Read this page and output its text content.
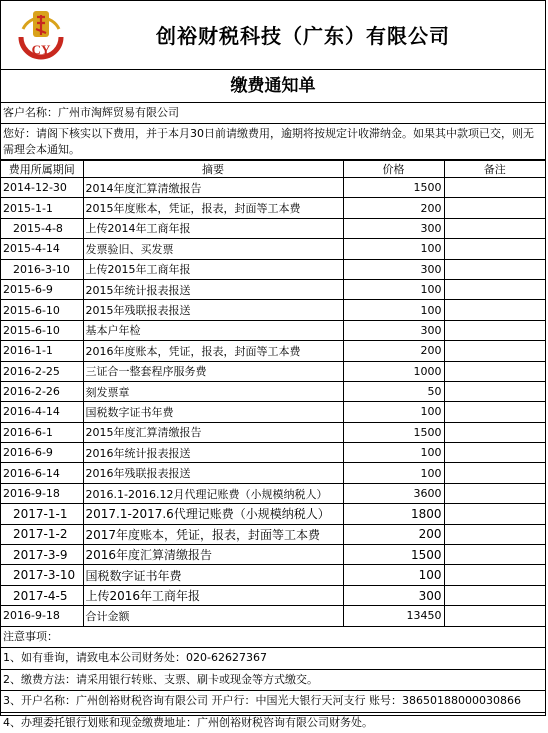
CY
创裕财税科技（广东）有限公司
缴费通知单
客户名称：广州市淘辉贸易有限公司
您好：请阁下核实以下费用，并于本月30日前请缴费用，逾期将按规定计收滞纳金。如果其中款项已交，则无需理会本通知。
费用所属期间	摘要	价格	备注
2014-12-30	2014年度汇算清缴报告	1500	
2015-1-1	2015年度账本，凭证，报表，封面等工本费	200	
2015-4-8	上传2014年工商年报	300	
2015-4-14	发票验旧、买发票	100	
2016-3-10	上传2015年工商年报	300	
2015-6-9	2015年统计报表报送	100	
2015-6-10	2015年残联报表报送	100	
2015-6-10	基本户年检	300	
2016-1-1	2016年度账本，凭证，报表，封面等工本费	200	
2016-2-25	三证合一整套程序服务费	1000	
2016-2-26	刻发票章	50	
2016-4-14	国税数字证书年费	100	
2016-6-1	2015年度汇算清缴报告	1500	
2016-6-9	2016年统计报表报送	100	
2016-6-14	2016年残联报表报送	100	
2016-9-18	2016.1-2016.12月代理记账费（小规模纳税人）	3600	
2017-1-1	2017.1-2017.6代理记账费（小规模纳税人）	1800	
2017-1-2	2017年度账本，凭证，报表，封面等工本费	200	
2017-3-9	2016年度汇算清缴报告	1500	
2017-3-10	国税数字证书年费	100	
2017-4-5	上传2016年工商年报	300	
2016-9-18	合计金额	13450	
注意事项：
1、如有垂询，请致电本公司财务处：020-62627367
2、缴费方法：请采用银行转账、支票、刷卡或现金等方式缴交。
3、开户名称：广州创裕财税咨询有限公司 开户行：中国光大银行天河支行 账号：38650188000030866
4、办理委托银行划账和现金缴费地址：广州创裕财税咨询有限公司财务处。
